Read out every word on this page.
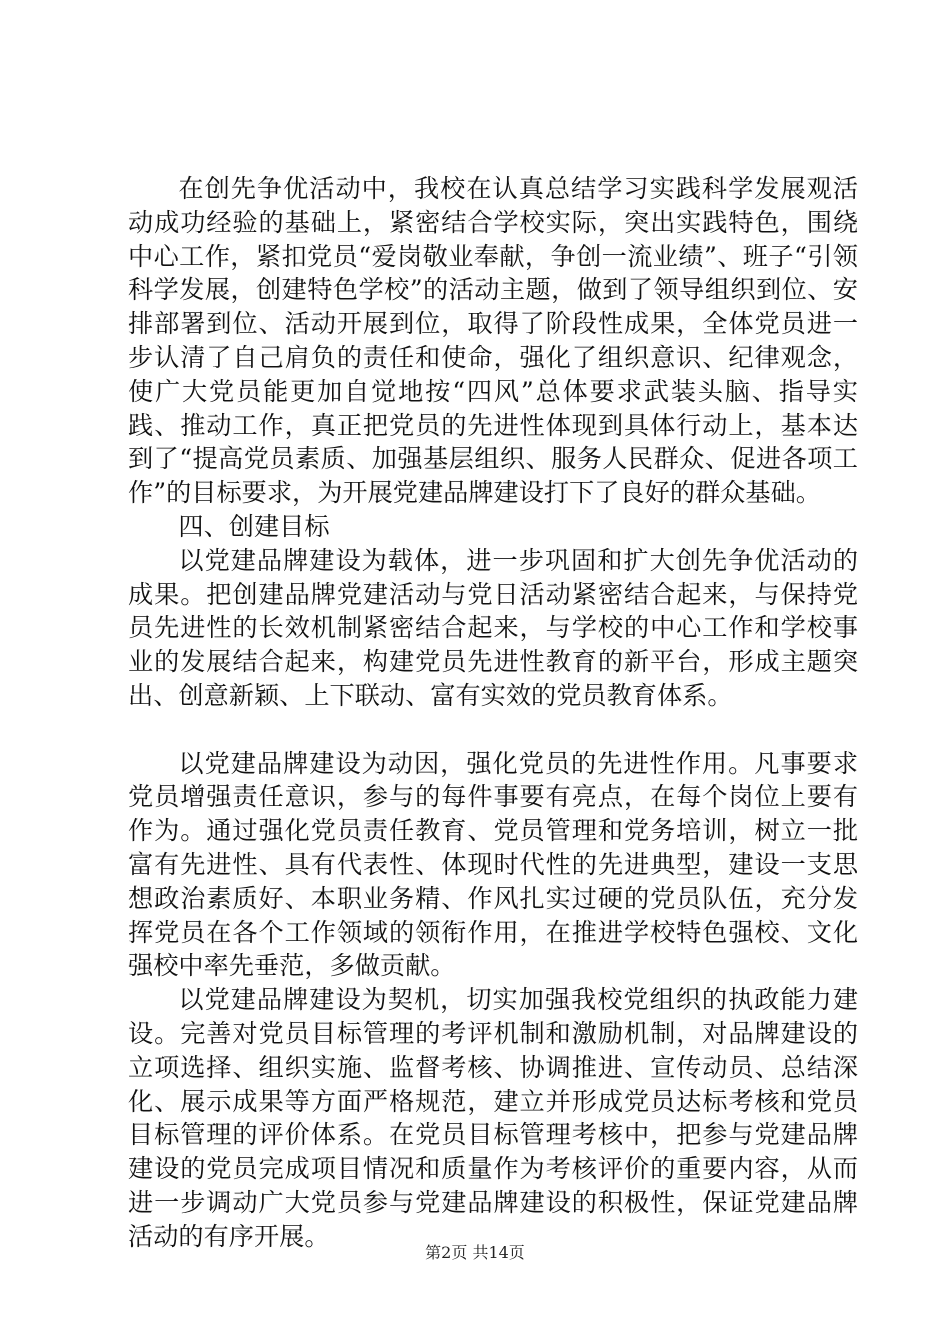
在创先争优活动中，我校在认真总结学习实践科学发展观活动成功经验的基础上，紧密结合学校实际，突出实践特色，围绕中心工作，紧扣党员“爱岗敬业奉献，争创一流业绩”、班子“引领科学发展，创建特色学校”的活动主题，做到了领导组织到位、安排部署到位、活动开展到位，取得了阶段性成果，全体党员进一步认清了自己肩负的责任和使命，强化了组织意识、纪律观念，使广大党员能更加自觉地按“四风”总体要求武装头脑、指导实践、推动工作，真正把党员的先进性体现到具体行动上，基本达到了“提高党员素质、加强基层组织、服务人民群众、促进各项工作”的目标要求，为开展党建品牌建设打下了良好的群众基础。

四、创建目标

以党建品牌建设为载体，进一步巩固和扩大创先争优活动的成果。把创建品牌党建活动与党日活动紧密结合起来，与保持党员先进性的长效机制紧密结合起来，与学校的中心工作和学校事业的发展结合起来，构建党员先进性教育的新平台，形成主题突出、创意新颖、上下联动、富有实效的党员教育体系。

以党建品牌建设为动因，强化党员的先进性作用。凡事要求党员增强责任意识，参与的每件事要有亮点，在每个岗位上要有作为。通过强化党员责任教育、党员管理和党务培训，树立一批富有先进性、具有代表性、体现时代性的先进典型，建设一支思想政治素质好、本职业务精、作风扎实过硬的党员队伍，充分发挥党员在各个工作领域的领衔作用，在推进学校特色强校、文化强校中率先垂范，多做贡献。

以党建品牌建设为契机，切实加强我校党组织的执政能力建设。完善对党员目标管理的考评机制和激励机制，对品牌建设的立项选择、组织实施、监督考核、协调推进、宣传动员、总结深化、展示成果等方面严格规范，建立并形成党员达标考核和党员目标管理的评价体系。在党员目标管理考核中，把参与党建品牌建设的党员完成项目情况和质量作为考核评价的重要内容，从而进一步调动广大党员参与党建品牌建设的积极性，保证党建品牌活动的有序开展。

第2页 共14页
